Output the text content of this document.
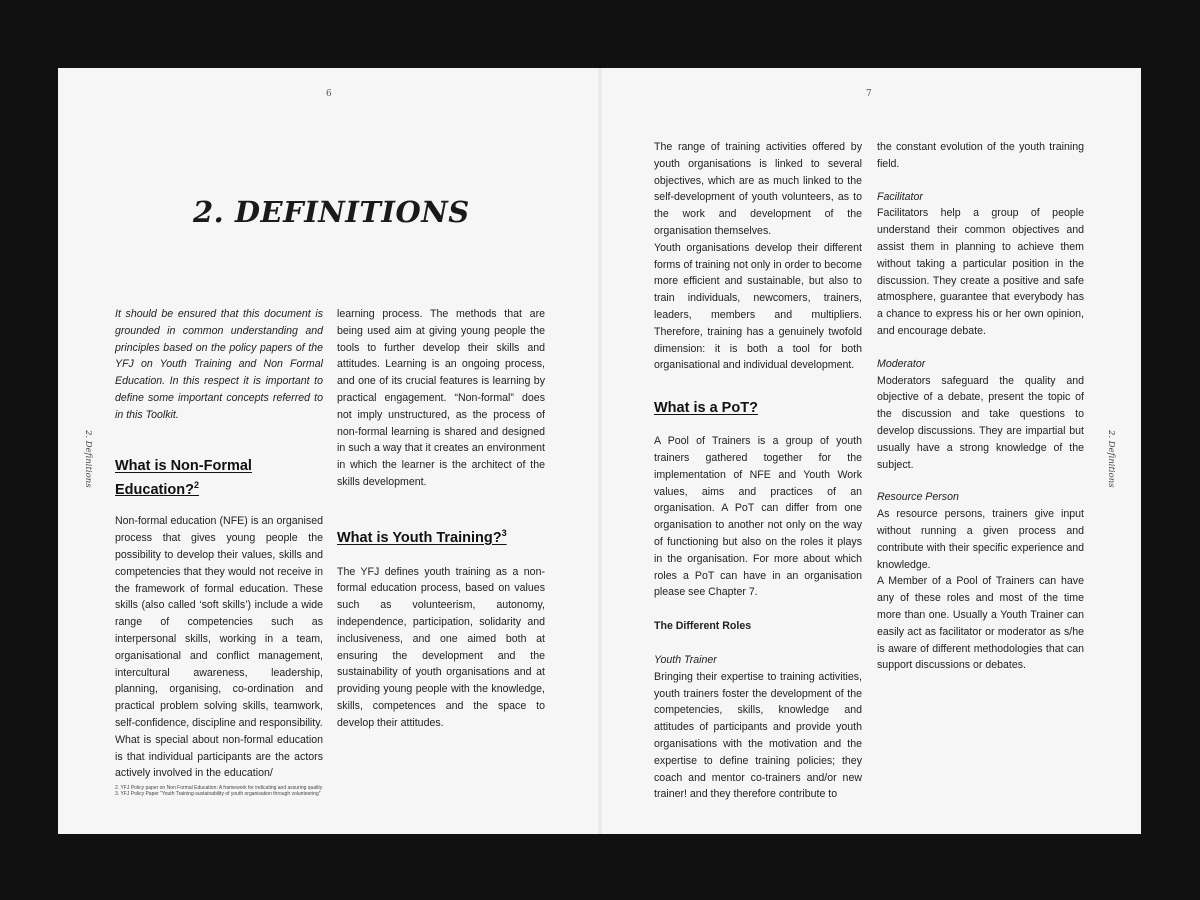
6
2. DEFINITIONS
2. Definitions

It should be ensured that this document is grounded in common understanding and principles based on the policy papers of the YFJ on Youth Training and Non Formal Education. In this respect it is important to define some important concepts referred to in this Toolkit.

What is Non-Formal Education?$^2$

Non-formal education (NFE) is an organised process that gives young people the possibility to develop their values, skills and competencies that they would not receive in the framework of formal education. These skills (also called ‘soft skills’) include a wide range of competencies such as interpersonal skills, working in a team, organisational and conflict management, intercultural awareness, leadership, planning, organising, co-ordination and practical problem solving skills, teamwork, self-confidence, discipline and responsibility.

What is special about non-formal education is that individual participants are the actors actively involved in the education/

learning process. The methods that are being used aim at giving young people the tools to further develop their skills and attitudes. Learning is an ongoing process, and one of its crucial features is learning by practical engagement. “Non-formal” does not imply unstructured, as the process of non-formal learning is shared and designed in such a way that it creates an environment in which the learner is the architect of the skills development.

What is Youth Training?$^3$

The YFJ defines youth training as a non-formal education process, based on values such as volunteerism, autonomy, independence, participation, solidarity and inclusiveness, and one aimed both at ensuring the development and the sustainability of youth organisations and at providing young people with the knowledge, skills, competences and the space to develop their attitudes.

2. YFJ Policy paper on Non Formal Education: A framework for indicating and assuring quality
3. YFJ Policy Paper “Youth Training-sustainability of youth organisation through volunteering”
7
2. Definitions

The range of training activities offered by youth organisations is linked to several objectives, which are as much linked to the self-development of youth volunteers, as to the work and development of the organisation themselves.

Youth organisations develop their different forms of training not only in order to become more efficient and sustainable, but also to train individuals, newcomers, trainers, leaders, members and multipliers. Therefore, training has a genuinely twofold dimension: it is both a tool for both organisational and individual development.

What is a PoT?

A Pool of Trainers is a group of youth trainers gathered together for the implementation of NFE and Youth Work values, aims and practices of an organisation. A PoT can differ from one organisation to another not only on the way of functioning but also on the roles it plays in the organisation. For more about which roles a PoT can have in an organisation please see Chapter 7.

The Different Roles

Youth Trainer

Bringing their expertise to training activities, youth trainers foster the development of the competencies, skills, knowledge and attitudes of participants and provide youth organisations with the motivation and the expertise to define training policies; they coach and mentor co-trainers and/or new trainer! and they therefore contribute to

the constant evolution of the youth training field.

Facilitator

Facilitators help a group of people understand their common objectives and assist them in planning to achieve them without taking a particular position in the discussion. They create a positive and safe atmosphere, guarantee that everybody has a chance to express his or her own opinion, and encourage debate.

Moderator

Moderators safeguard the quality and objective of a debate, present the topic of the discussion and take questions to develop discussions. They are impartial but usually have a strong knowledge of the subject.

Resource Person

As resource persons, trainers give input without running a given process and contribute with their specific experience and knowledge.

A Member of a Pool of Trainers can have any of these roles and most of the time more than one. Usually a Youth Trainer can easily act as facilitator or moderator as s/he is aware of different methodologies that can support discussions or debates.
